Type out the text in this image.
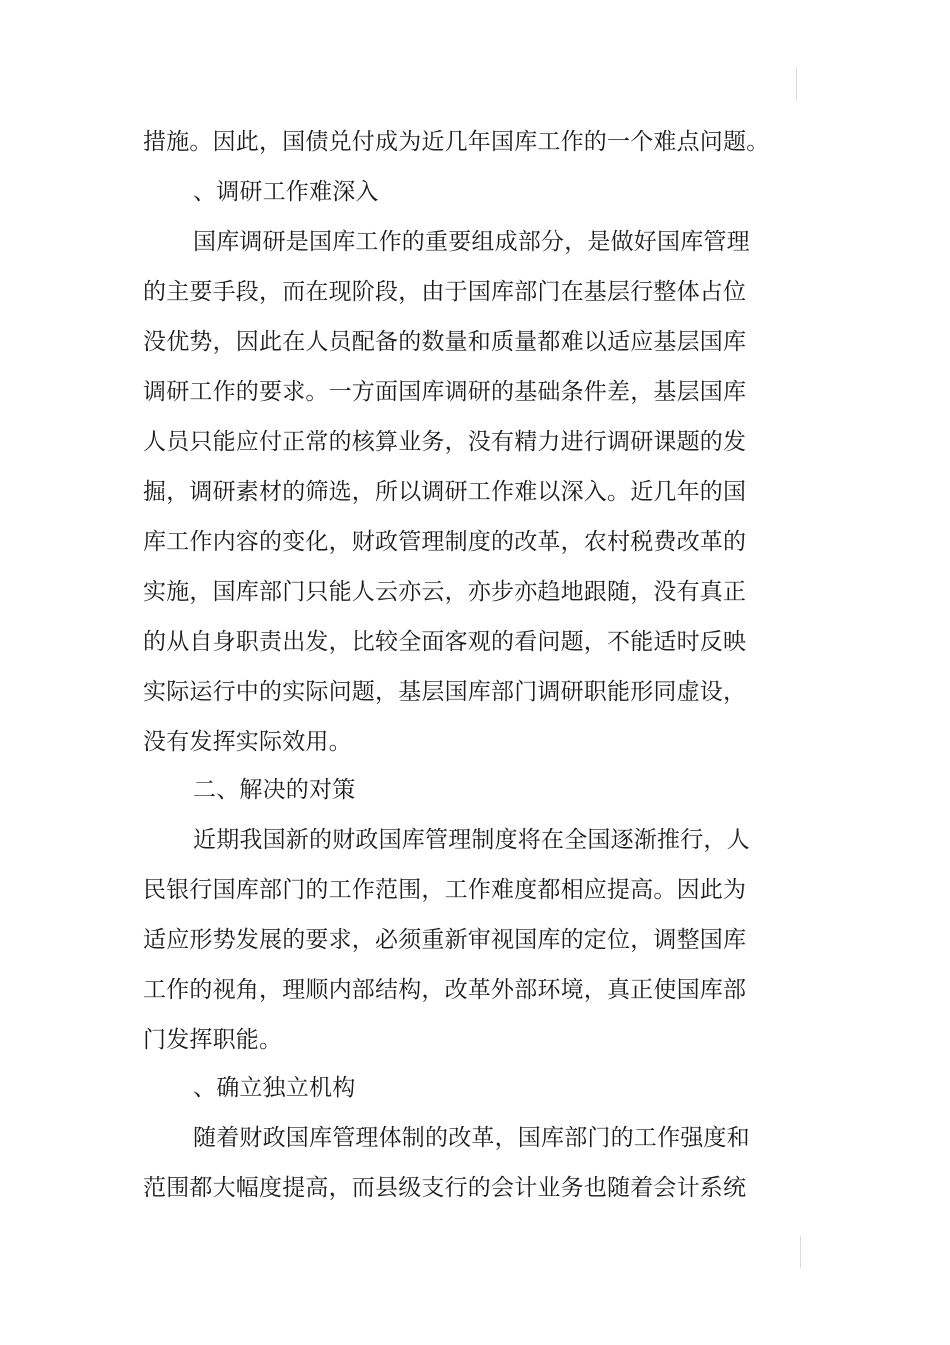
措施。因此，国债兑付成为近几年国库工作的一个难点问题。
、调研工作难深入
国库调研是国库工作的重要组成部分，是做好国库管理
的主要手段，而在现阶段，由于国库部门在基层行整体占位
没优势，因此在人员配备的数量和质量都难以适应基层国库
调研工作的要求。一方面国库调研的基础条件差，基层国库
人员只能应付正常的核算业务，没有精力进行调研课题的发
掘，调研素材的筛选，所以调研工作难以深入。近几年的国
库工作内容的变化，财政管理制度的改革，农村税费改革的
实施，国库部门只能人云亦云，亦步亦趋地跟随，没有真正
的从自身职责出发，比较全面客观的看问题，不能适时反映
实际运行中的实际问题，基层国库部门调研职能形同虚设，
没有发挥实际效用。
二、解决的对策
近期我国新的财政国库管理制度将在全国逐渐推行，人
民银行国库部门的工作范围，工作难度都相应提高。因此为
适应形势发展的要求，必须重新审视国库的定位，调整国库
工作的视角，理顺内部结构，改革外部环境，真正使国库部
门发挥职能。
、确立独立机构
随着财政国库管理体制的改革，国库部门的工作强度和
范围都大幅度提高，而县级支行的会计业务也随着会计系统
